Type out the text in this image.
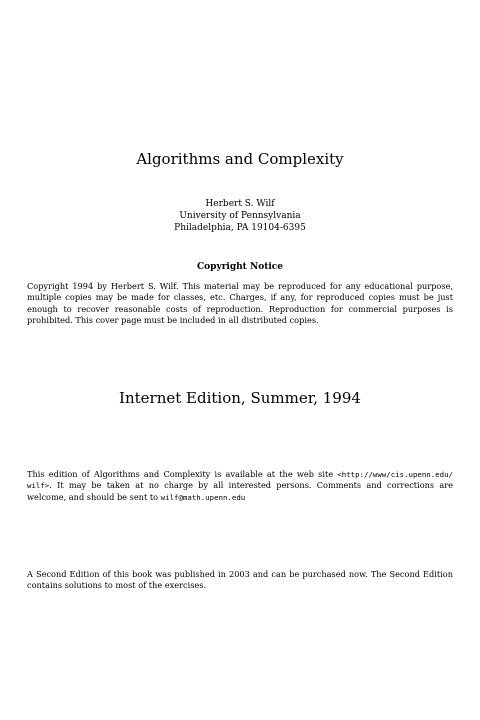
Algorithms and Complexity
Herbert S. Wilf
University of Pennsylvania
Philadelphia, PA 19104-6395
Copyright Notice
Copyright 1994 by Herbert S. Wilf. This material may be reproduced for any educational purpose, multiple copies may be made for classes, etc. Charges, if any, for reproduced copies must be just enough to recover reasonable costs of reproduction. Reproduction for commercial purposes is prohibited. This cover page must be included in all distributed copies.
Internet Edition, Summer, 1994
This edition of Algorithms and Complexity is available at the web site <http://www/cis.upenn.edu/ wilf>. It may be taken at no charge by all interested persons. Comments and corrections are welcome, and should be sent to wilf@math.upenn.edu
A Second Edition of this book was published in 2003 and can be purchased now. The Second Edition contains solutions to most of the exercises.
